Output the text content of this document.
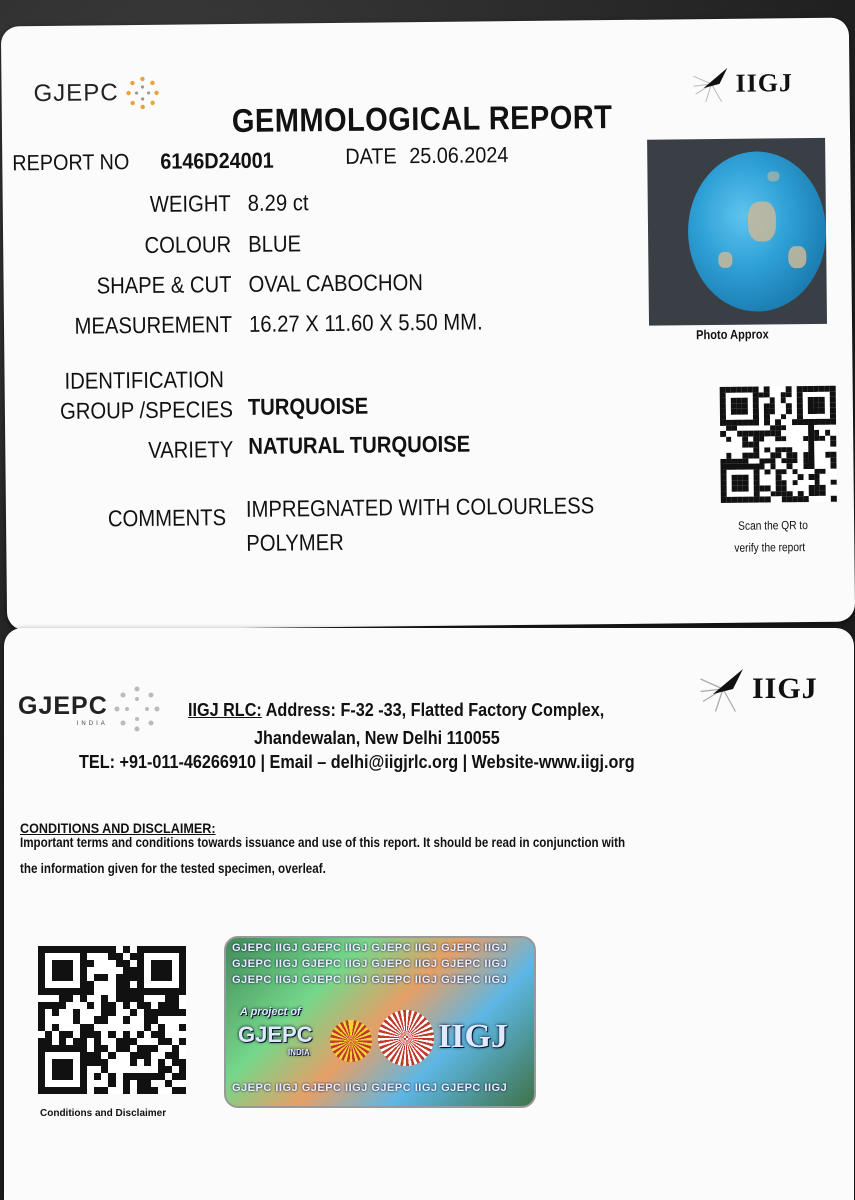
GJEPC	IIGJ
GEMMOLOGICAL REPORT
REPORT NO 6146D24001	DATE 25.06.2024
WEIGHT 8.29 ct
COLOUR BLUE
SHAPE & CUT OVAL CABOCHON
MEASUREMENT 16.27 X 11.60 X 5.50 MM.
IDENTIFICATION
GROUP /SPECIES TURQUOISE
VARIETY NATURAL TURQUOISE
COMMENTS IMPREGNATED WITH COLOURLESS
POLYMER
Photo Approx
Scan the QR to
verify the report
GJEPC
INDIA
IIGJ
IIGJ RLC: Address: F-32 -33, Flatted Factory Complex,
Jhandewalan, New Delhi 110055
TEL: +91-011-46266910 | Email – delhi@iigjrlc.org | Website-www.iigj.org
CONDITIONS AND DISCLAIMER:
Important terms and conditions towards issuance and use of this report. It should be read in conjunction with
the information given for the tested specimen, overleaf.
Conditions and Disclaimer
GJEPC IIGJ GJEPC IIGJ GJEPC IIGJ GJEPC IIGJ
GJEPC IIGJ GJEPC IIGJ GJEPC IIGJ GJEPC IIGJ
GJEPC IIGJ GJEPC IIGJ GJEPC IIGJ GJEPC IIGJ
A project of
GJEPC
INDIA	IIGJ
GJEPC IIGJ GJEPC IIGJ GJEPC IIGJ GJEPC IIGJ
